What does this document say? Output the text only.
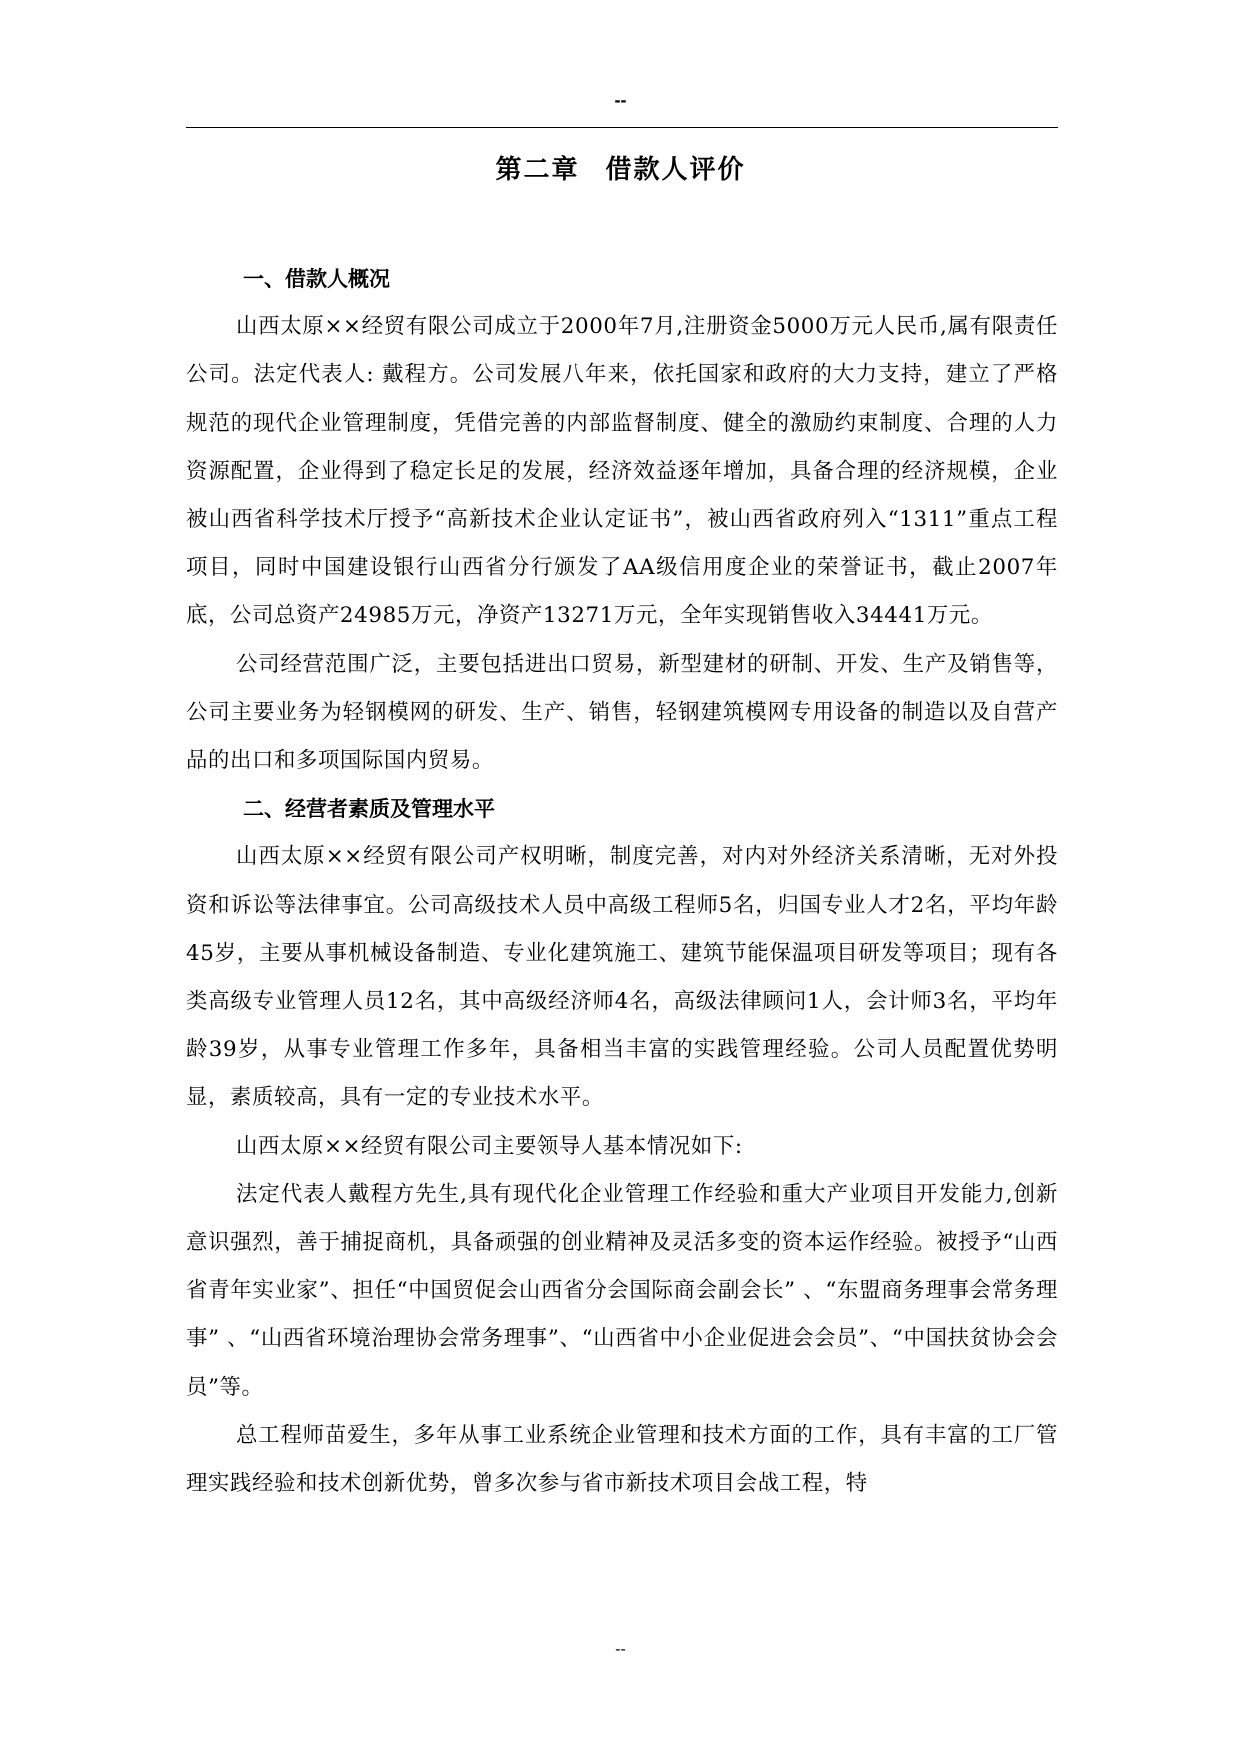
--
第二章 借款人评价

一、借款人概况

山西太原××经贸有限公司成立于2000年7月,注册资金5000万元人民币,属有限责任公司。法定代表人: 戴程方。公司发展八年来，依托国家和政府的大力支持，建立了严格规范的现代企业管理制度，凭借完善的内部监督制度、健全的激励约束制度、合理的人力资源配置，企业得到了稳定长足的发展，经济效益逐年增加，具备合理的经济规模，企业被山西省科学技术厅授予“高新技术企业认定证书”，被山西省政府列入“1311”重点工程项目，同时中国建设银行山西省分行颁发了AA级信用度企业的荣誉证书，截止2007年底，公司总资产24985万元，净资产13271万元，全年实现销售收入34441万元。

公司经营范围广泛，主要包括进出口贸易，新型建材的研制、开发、生产及销售等，公司主要业务为轻钢模网的研发、生产、销售，轻钢建筑模网专用设备的制造以及自营产品的出口和多项国际国内贸易。

二、经营者素质及管理水平

山西太原××经贸有限公司产权明晰，制度完善，对内对外经济关系清晰，无对外投资和诉讼等法律事宜。公司高级技术人员中高级工程师5名，归国专业人才2名，平均年龄45岁，主要从事机械设备制造、专业化建筑施工、建筑节能保温项目研发等项目；现有各类高级专业管理人员12名，其中高级经济师4名，高级法律顾问1人，会计师3名，平均年龄39岁，从事专业管理工作多年，具备相当丰富的实践管理经验。公司人员配置优势明显，素质较高，具有一定的专业技术水平。

山西太原××经贸有限公司主要领导人基本情况如下:

法定代表人戴程方先生,具有现代化企业管理工作经验和重大产业项目开发能力,创新意识强烈，善于捕捉商机，具备顽强的创业精神及灵活多变的资本运作经验。被授予“山西省青年实业家”、担任“中国贸促会山西省分会国际商会副会长” 、“东盟商务理事会常务理事” 、“山西省环境治理协会常务理事”、“山西省中小企业促进会会员”、“中国扶贫协会会员”等。

总工程师苗爱生，多年从事工业系统企业管理和技术方面的工作，具有丰富的工厂管理实践经验和技术创新优势，曾多次参与省市新技术项目会战工程，特

--
